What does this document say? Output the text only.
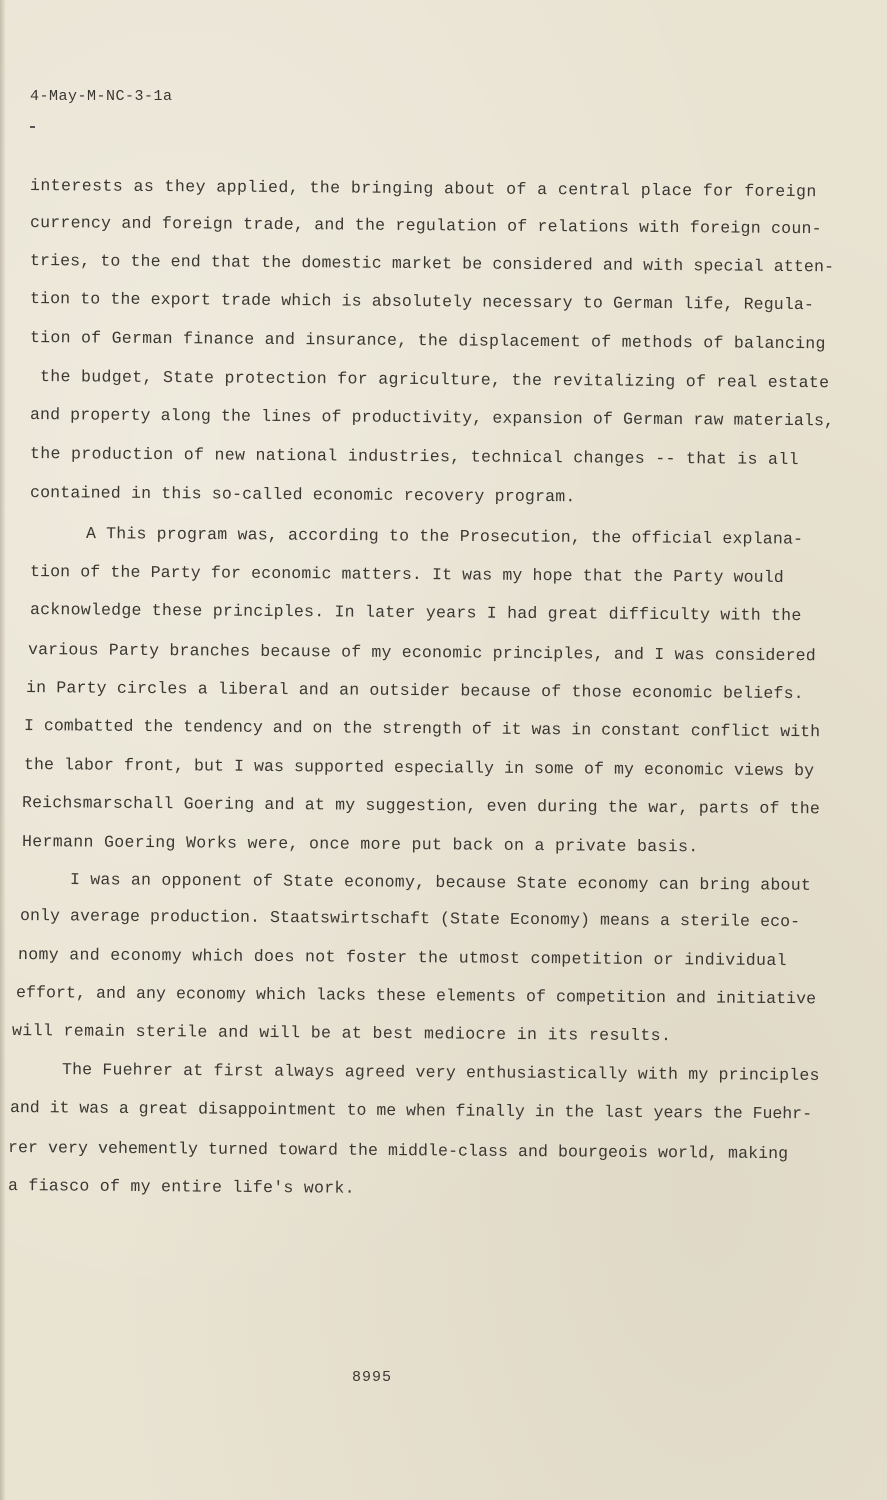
4-May-M-NC-3-1a
interests as they applied, the bringing about of a central place for foreign
currency and foreign trade, and the regulation of relations with foreign coun-
tries, to the end that the domestic market be considered and with special atten-
tion to the export trade which is absolutely necessary to German life, Regula-
tion of German finance and insurance, the displacement of methods of balancing
the budget, State protection for agriculture, the revitalizing of real estate
and property along the lines of productivity, expansion of German raw materials,
the production of new national industries, technical changes -- that is all
contained in this so-called economic recovery program.
A This program was, according to the Prosecution, the official explana-
tion of the Party for economic matters. It was my hope that the Party would
acknowledge these principles. In later years I had great difficulty with the
various Party branches because of my economic principles, and I was considered
in Party circles a liberal and an outsider because of those economic beliefs.
I combatted the tendency and on the strength of it was in constant conflict with
the labor front, but I was supported especially in some of my economic views by
Reichsmarschall Goering and at my suggestion, even during the war, parts of the
Hermann Goering Works were, once more put back on a private basis.
I was an opponent of State economy, because State economy can bring about
only average production. Staatswirtschaft (State Economy) means a sterile eco-
nomy and economy which does not foster the utmost competition or individual
effort, and any economy which lacks these elements of competition and initiative
will remain sterile and will be at best mediocre in its results.
The Fuehrer at first always agreed very enthusiastically with my principles
and it was a great disappointment to me when finally in the last years the Fuehr-
rer very vehemently turned toward the middle-class and bourgeois world, making
a fiasco of my entire life's work.
8995
